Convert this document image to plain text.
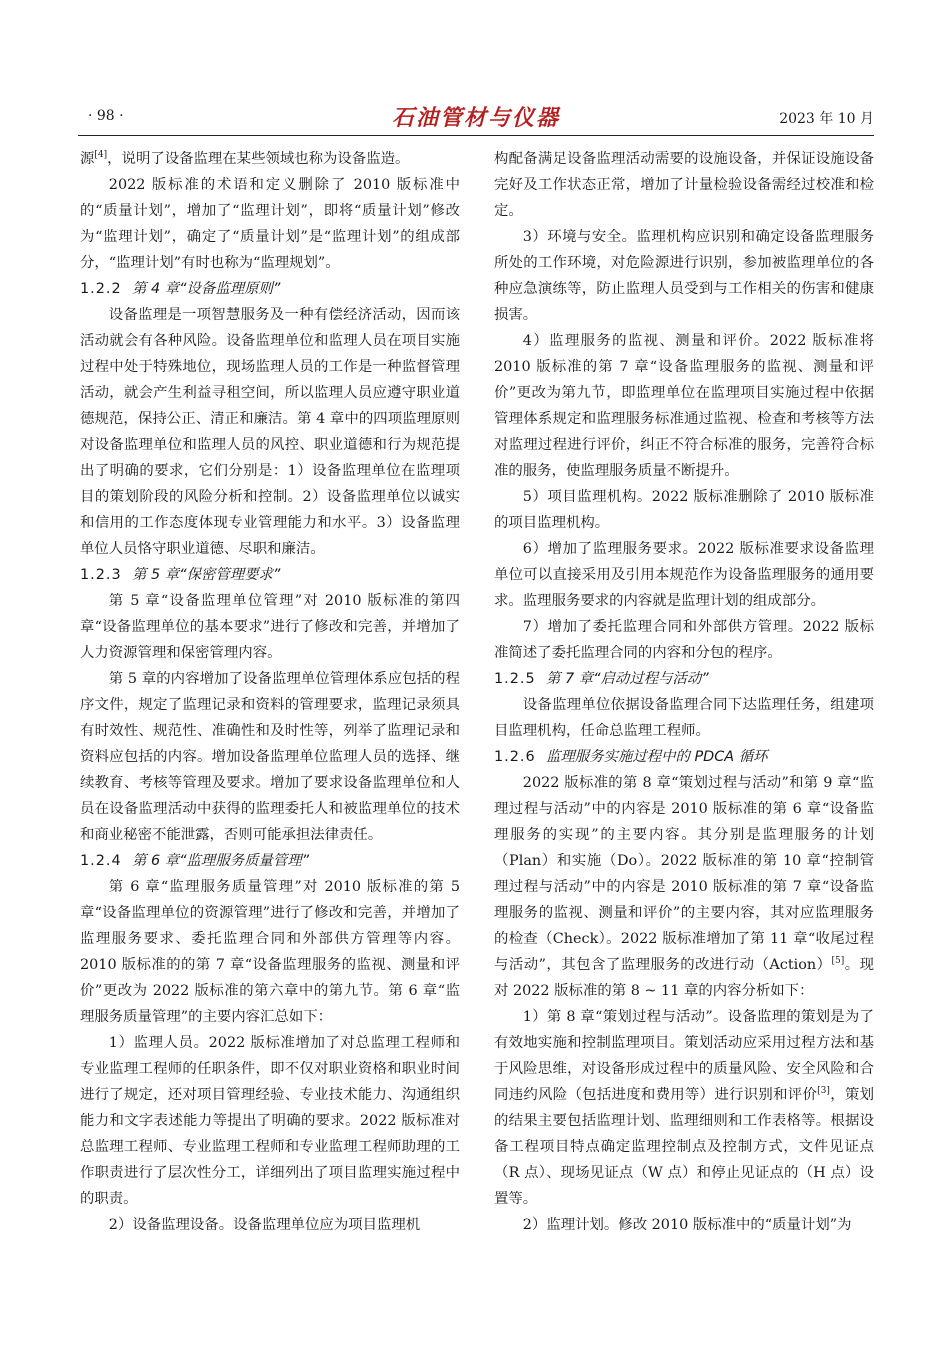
· 98 ·	石油管材与仪器	2023 年 10 月

源[4]，说明了设备监理在某些领域也称为设备监造。

2022 版标准的术语和定义删除了 2010 版标准中的“质量计划”，增加了“监理计划”，即将“质量计划”修改为“监理计划”，确定了“质量计划”是“监理计划”的组成部分，“监理计划”有时也称为“监理规划”。

1.2.2 第 4 章“设备监理原则”

设备监理是一项智慧服务及一种有偿经济活动，因而该活动就会有各种风险。设备监理单位和监理人员在项目实施过程中处于特殊地位，现场监理人员的工作是一种监督管理活动，就会产生利益寻租空间，所以监理人员应遵守职业道德规范，保持公正、清正和廉洁。第 4 章中的四项监理原则对设备监理单位和监理人员的风控、职业道德和行为规范提出了明确的要求，它们分别是：1）设备监理单位在监理项目的策划阶段的风险分析和控制。2）设备监理单位以诚实和信用的工作态度体现专业管理能力和水平。3）设备监理单位人员恪守职业道德、尽职和廉洁。

1.2.3 第 5 章“保密管理要求”

第 5 章“设备监理单位管理”对 2010 版标准的第四章“设备监理单位的基本要求”进行了修改和完善，并增加了人力资源管理和保密管理内容。

第 5 章的内容增加了设备监理单位管理体系应包括的程序文件，规定了监理记录和资料的管理要求，监理记录须具有时效性、规范性、准确性和及时性等，列举了监理记录和资料应包括的内容。增加设备监理单位监理人员的选择、继续教育、考核等管理及要求。增加了要求设备监理单位和人员在设备监理活动中获得的监理委托人和被监理单位的技术和商业秘密不能泄露，否则可能承担法律责任。

1.2.4 第 6 章“监理服务质量管理”

第 6 章“监理服务质量管理”对 2010 版标准的第 5 章“设备监理单位的资源管理”进行了修改和完善，并增加了监理服务要求、委托监理合同和外部供方管理等内容。2010 版标准的的第 7 章“设备监理服务的监视、测量和评价”更改为 2022 版标准的第六章中的第九节。第 6 章“监理服务质量管理”的主要内容汇总如下：

1）监理人员。2022 版标准增加了对总监理工程师和专业监理工程师的任职条件，即不仅对职业资格和职业时间进行了规定，还对项目管理经验、专业技术能力、沟通组织能力和文字表述能力等提出了明确的要求。2022 版标准对总监理工程师、专业监理工程师和专业监理工程师助理的工作职责进行了层次性分工，详细列出了项目监理实施过程中的职责。

2）设备监理设备。设备监理单位应为项目监理机

构配备满足设备监理活动需要的设施设备，并保证设施设备完好及工作状态正常，增加了计量检验设备需经过校准和检定。

3）环境与安全。监理机构应识别和确定设备监理服务所处的工作环境，对危险源进行识别，参加被监理单位的各种应急演练等，防止监理人员受到与工作相关的伤害和健康损害。

4）监理服务的监视、测量和评价。2022 版标准将 2010 版标准的第 7 章“设备监理服务的监视、测量和评价”更改为第九节，即监理单位在监理项目实施过程中依据管理体系规定和监理服务标准通过监视、检查和考核等方法对监理过程进行评价，纠正不符合标准的服务，完善符合标准的服务，使监理服务质量不断提升。

5）项目监理机构。2022 版标准删除了 2010 版标准的项目监理机构。

6）增加了监理服务要求。2022 版标准要求设备监理单位可以直接采用及引用本规范作为设备监理服务的通用要求。监理服务要求的内容就是监理计划的组成部分。

7）增加了委托监理合同和外部供方管理。2022 版标准简述了委托监理合同的内容和分包的程序。

1.2.5 第 7 章“启动过程与活动”

设备监理单位依据设备监理合同下达监理任务，组建项目监理机构，任命总监理工程师。

1.2.6 监理服务实施过程中的 PDCA 循环

2022 版标准的第 8 章“策划过程与活动”和第 9 章“监理过程与活动”中的内容是 2010 版标准的第 6 章“设备监理服务的实现”的主要内容。其分别是监理服务的计划（Plan）和实施（Do）。2022 版标准的第 10 章“控制管理过程与活动”中的内容是 2010 版标准的第 7 章“设备监理服务的监视、测量和评价”的主要内容，其对应监理服务的检查（Check）。2022 版标准增加了第 11 章“收尾过程与活动”，其包含了监理服务的改进行动（Action）[5]。现对 2022 版标准的第 8 ~ 11 章的内容分析如下：

1）第 8 章“策划过程与活动”。设备监理的策划是为了有效地实施和控制监理项目。策划活动应采用过程方法和基于风险思维，对设备形成过程中的质量风险、安全风险和合同违约风险（包括进度和费用等）进行识别和评价[3]，策划的结果主要包括监理计划、监理细则和工作表格等。根据设备工程项目特点确定监理控制点及控制方式，文件见证点（R 点）、现场见证点（W 点）和停止见证点的（H 点）设置等。

2）监理计划。修改 2010 版标准中的“质量计划”为
